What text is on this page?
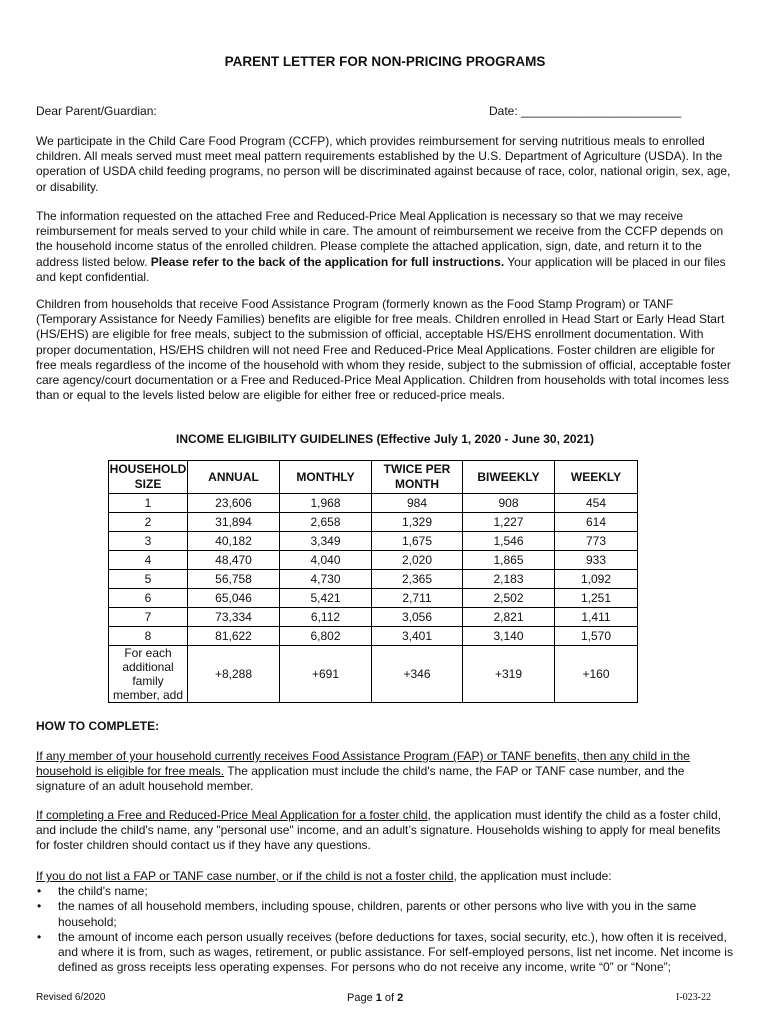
PARENT LETTER FOR NON-PRICING PROGRAMS
Dear Parent/Guardian:	Date: ________________________
We participate in the Child Care Food Program (CCFP), which provides reimbursement for serving nutritious meals to enrolled children. All meals served must meet meal pattern requirements established by the U.S. Department of Agriculture (USDA). In the operation of USDA child feeding programs, no person will be discriminated against because of race, color, national origin, sex, age, or disability.
The information requested on the attached Free and Reduced-Price Meal Application is necessary so that we may receive reimbursement for meals served to your child while in care. The amount of reimbursement we receive from the CCFP depends on the household income status of the enrolled children. Please complete the attached application, sign, date, and return it to the address listed below. Please refer to the back of the application for full instructions. Your application will be placed in our files and kept confidential.
Children from households that receive Food Assistance Program (formerly known as the Food Stamp Program) or TANF (Temporary Assistance for Needy Families) benefits are eligible for free meals. Children enrolled in Head Start or Early Head Start (HS/EHS) are eligible for free meals, subject to the submission of official, acceptable HS/EHS enrollment documentation. With proper documentation, HS/EHS children will not need Free and Reduced-Price Meal Applications. Foster children are eligible for free meals regardless of the income of the household with whom they reside, subject to the submission of official, acceptable foster care agency/court documentation or a Free and Reduced-Price Meal Application. Children from households with total incomes less than or equal to the levels listed below are eligible for either free or reduced-price meals.
INCOME ELIGIBILITY GUIDELINES (Effective July 1, 2020 - June 30, 2021)
HOUSEHOLD SIZE	ANNUAL	MONTHLY	TWICE PER MONTH	BIWEEKLY	WEEKLY
1	23,606	1,968	984	908	454
2	31,894	2,658	1,329	1,227	614
3	40,182	3,349	1,675	1,546	773
4	48,470	4,040	2,020	1,865	933
5	56,758	4,730	2,365	2,183	1,092
6	65,046	5,421	2,711	2,502	1,251
7	73,334	6,112	3,056	2,821	1,411
8	81,622	6,802	3,401	3,140	1,570
For each additional family member, add	+8,288	+691	+346	+319	+160
HOW TO COMPLETE:
If any member of your household currently receives Food Assistance Program (FAP) or TANF benefits, then any child in the household is eligible for free meals. The application must include the child's name, the FAP or TANF case number, and the signature of an adult household member.
If completing a Free and Reduced-Price Meal Application for a foster child, the application must identify the child as a foster child, and include the child's name, any "personal use" income, and an adult’s signature. Households wishing to apply for meal benefits for foster children should contact us if they have any questions.
If you do not list a FAP or TANF case number, or if the child is not a foster child, the application must include:
• the child's name;
• the names of all household members, including spouse, children, parents or other persons who live with you in the same household;
• the amount of income each person usually receives (before deductions for taxes, social security, etc.), how often it is received, and where it is from, such as wages, retirement, or public assistance. For self-employed persons, list net income. Net income is defined as gross receipts less operating expenses. For persons who do not receive any income, write “0” or “None”;
Revised 6/2020	Page 1 of 2	I-023-22
